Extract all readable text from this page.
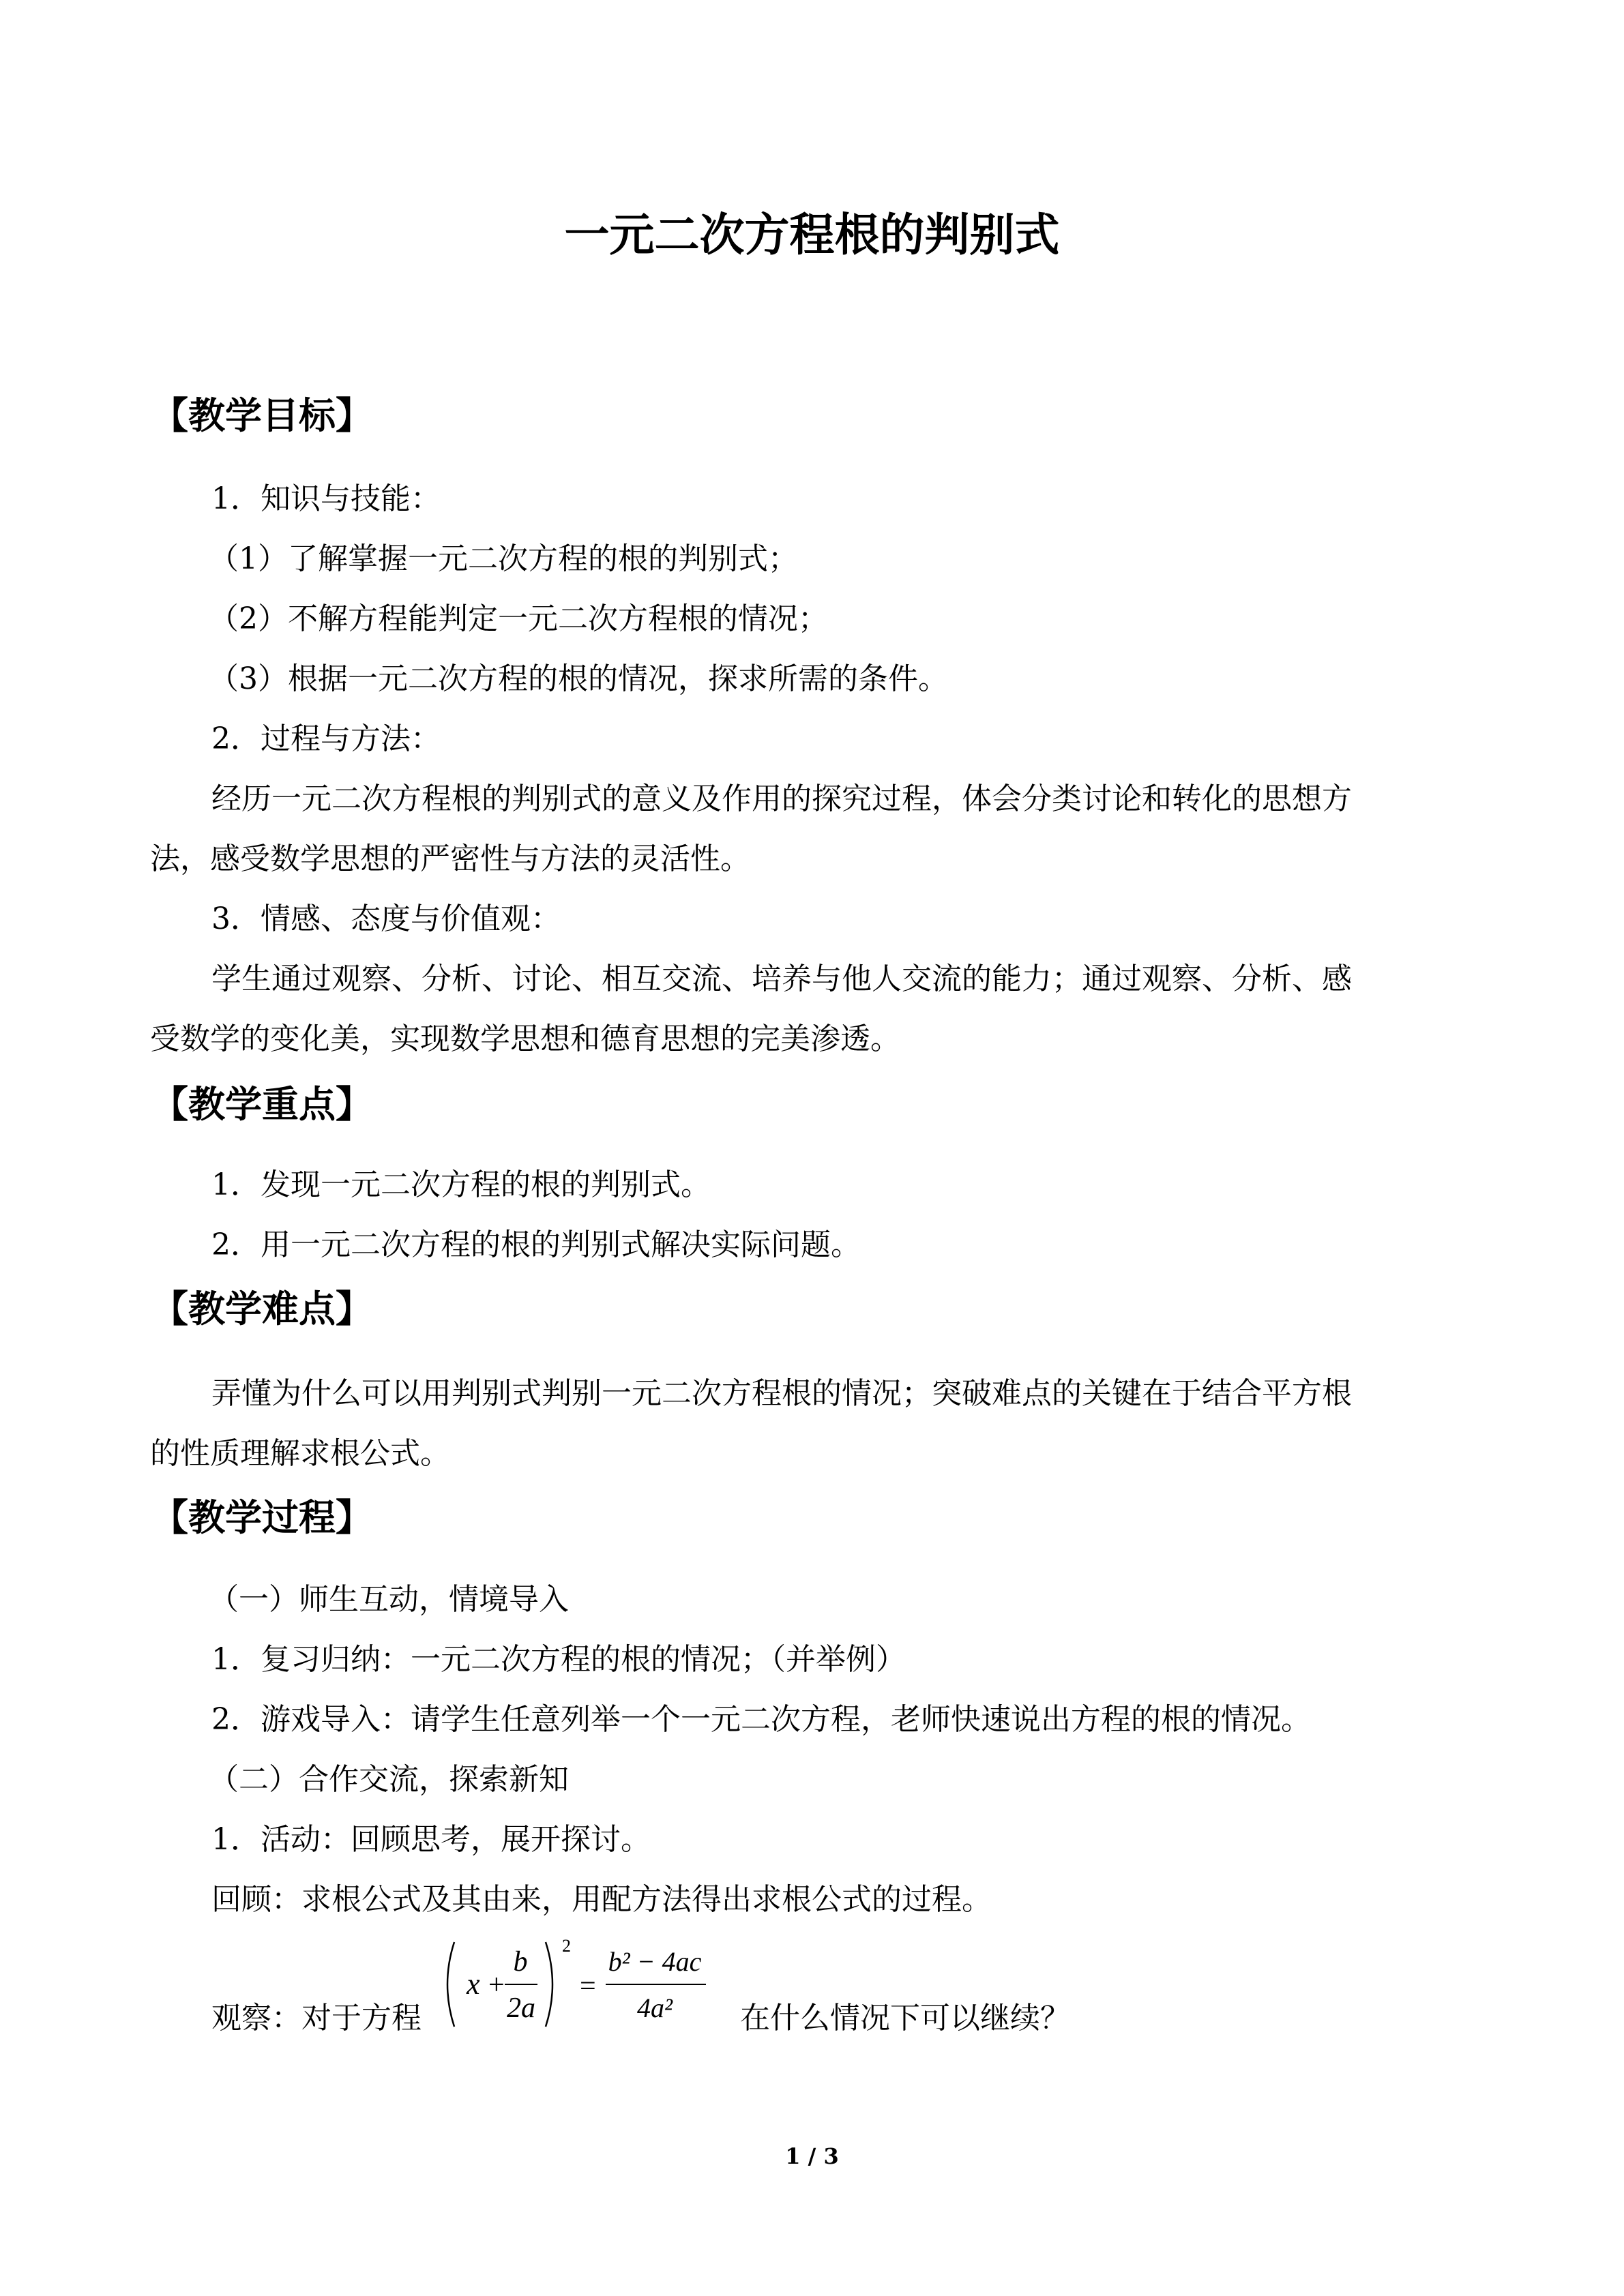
一元二次方程根的判别式
【教学目标】
1．知识与技能：
（1）了解掌握一元二次方程的根的判别式；
（2）不解方程能判定一元二次方程根的情况；
（3）根据一元二次方程的根的情况，探求所需的条件。
2．过程与方法：
经历一元二次方程根的判别式的意义及作用的探究过程，体会分类讨论和转化的思想方
法，感受数学思想的严密性与方法的灵活性。
3．情感、态度与价值观：
学生通过观察、分析、讨论、相互交流、培养与他人交流的能力；通过观察、分析、感
受数学的变化美，实现数学思想和德育思想的完美渗透。
【教学重点】
1．发现一元二次方程的根的判别式。
2．用一元二次方程的根的判别式解决实际问题。
【教学难点】
弄懂为什么可以用判别式判别一元二次方程根的情况；突破难点的关键在于结合平方根
的性质理解求根公式。
【教学过程】
（一）师生互动，情境导入
1．复习归纳：一元二次方程的根的情况；（并举例）
2．游戏导入：请学生任意列举一个一元二次方程，老师快速说出方程的根的情况。
（二）合作交流，探索新知
1．活动：回顾思考，展开探讨。
回顾：求根公式及其由来，用配方法得出求根公式的过程。
观察：对于方程
x +
b
2a
2
=
b² − 4ac
4a² 在什么情况下可以继续？
1 / 3
